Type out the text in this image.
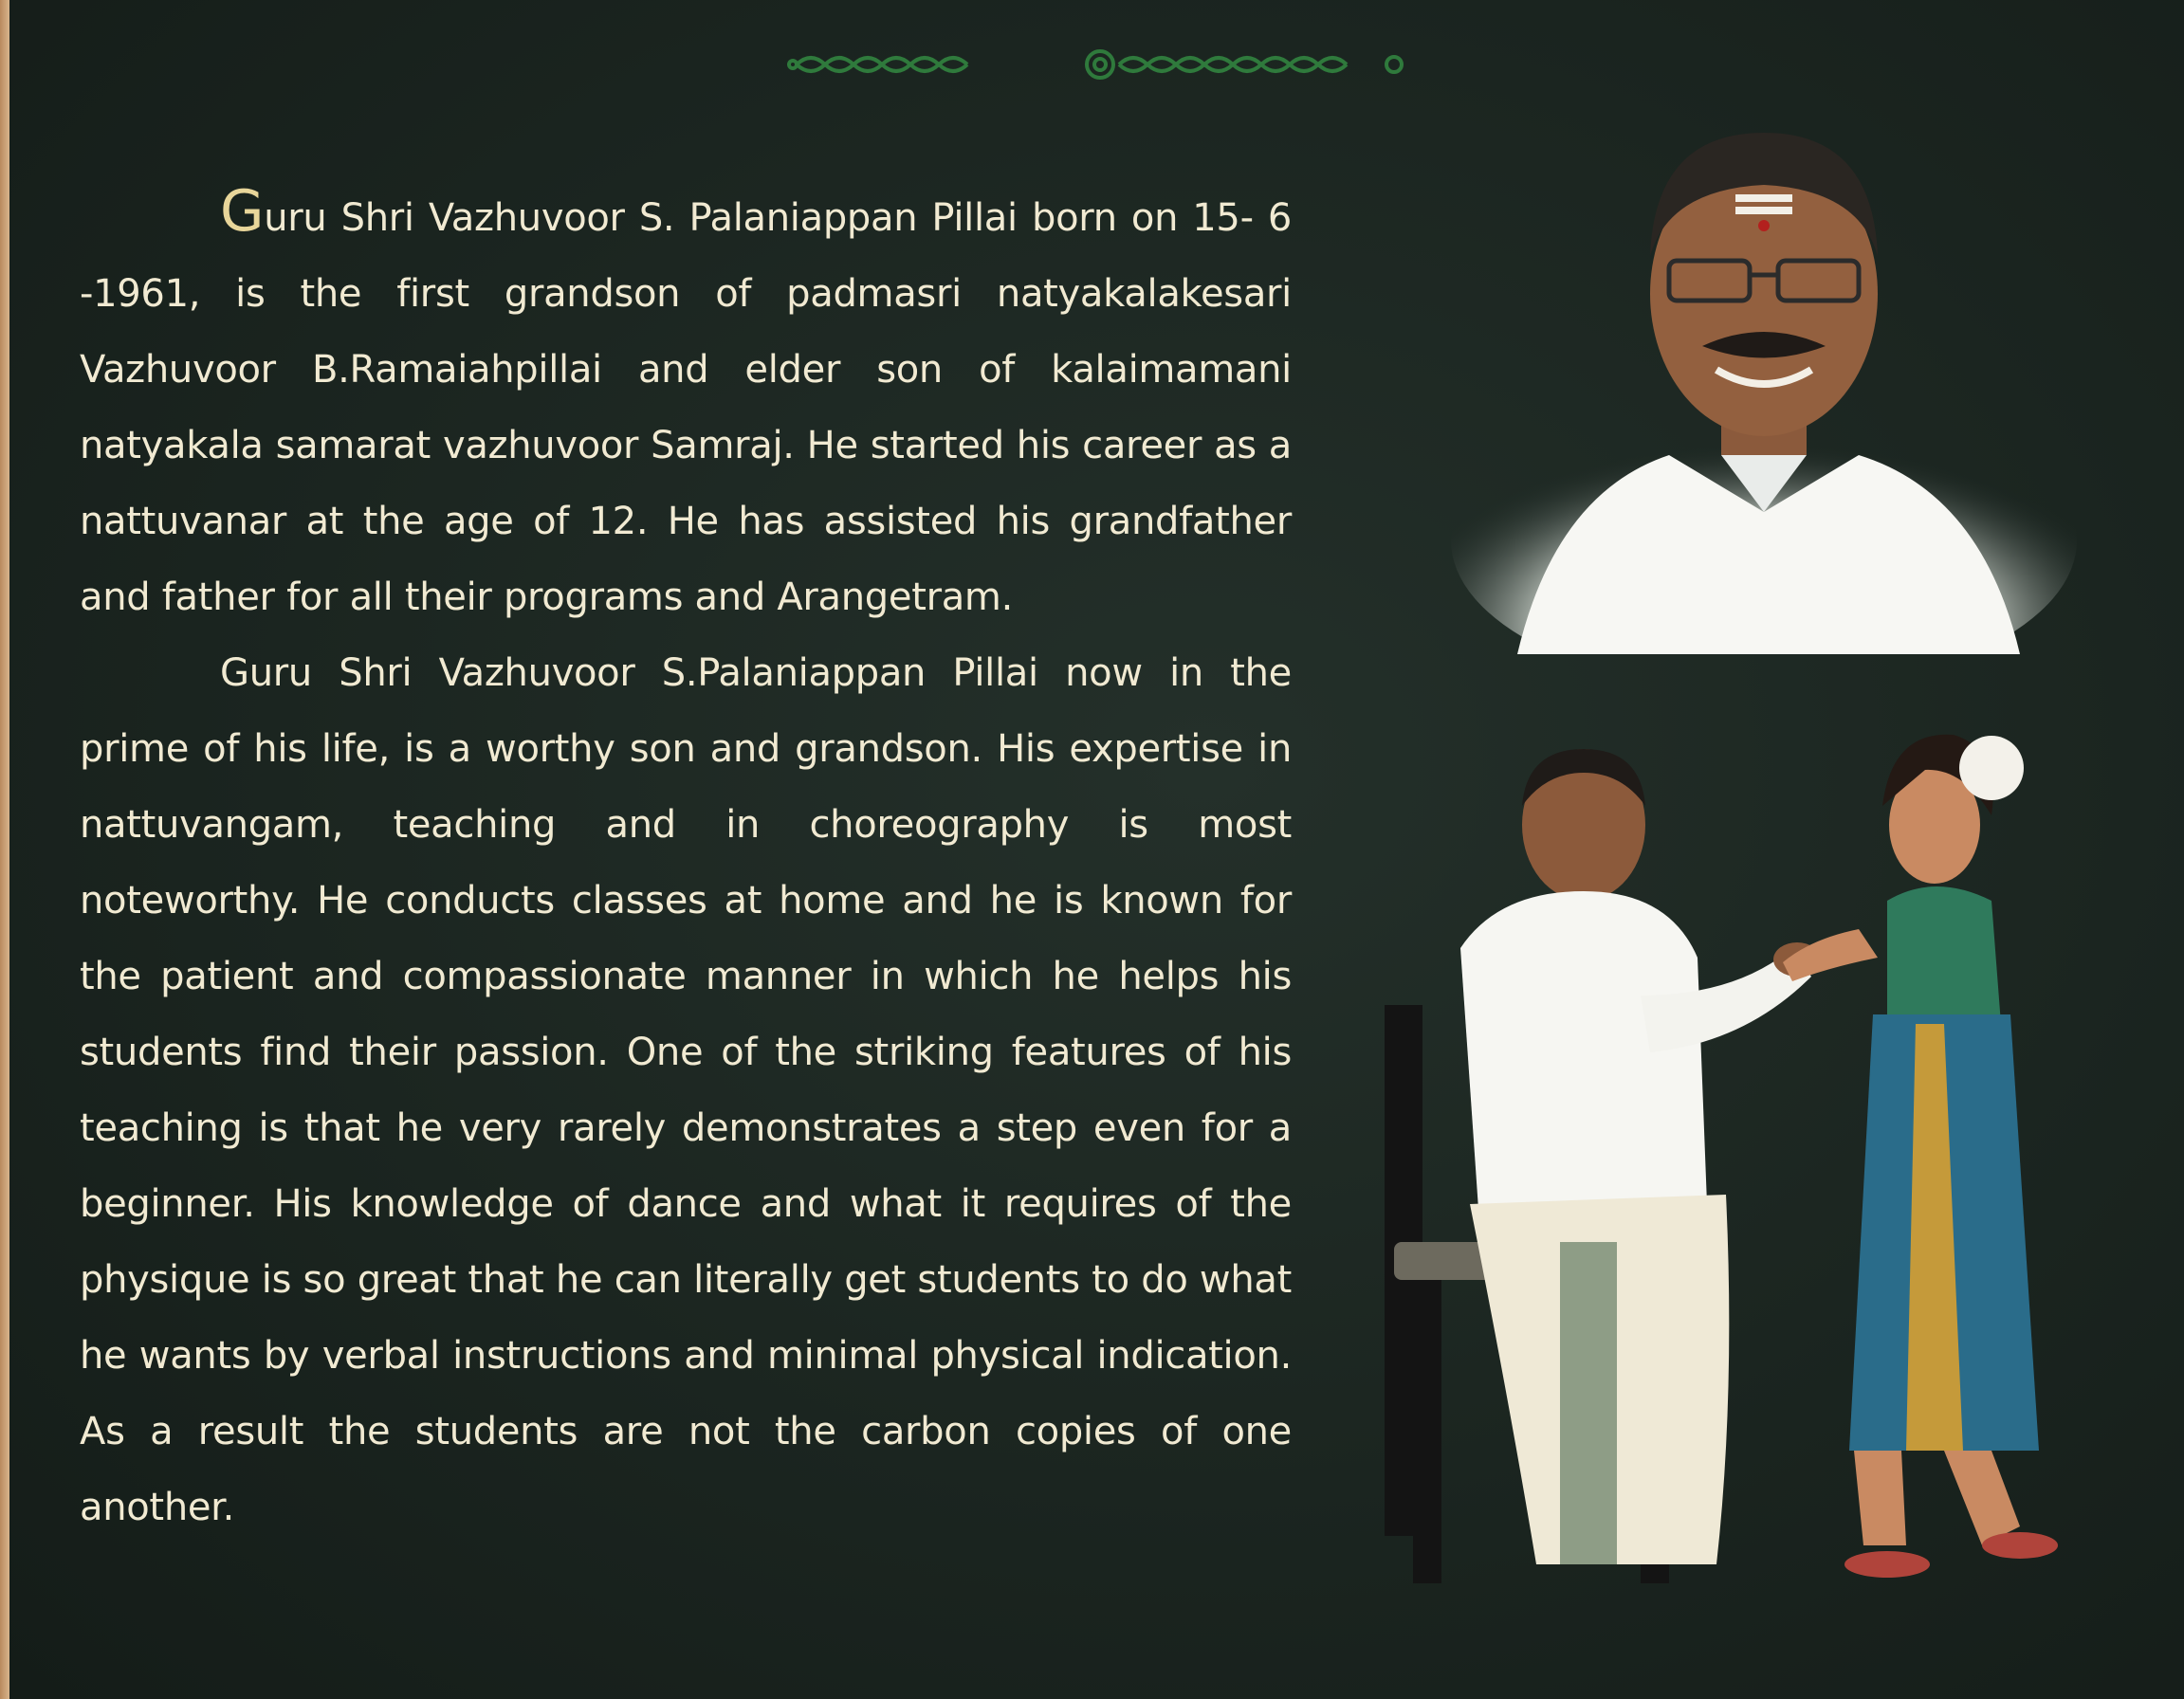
Guru Shri Vazhuvoor S. Palaniappan Pillai born on 15- 6 -1961, is the first grandson of padmasri natyakalakesari Vazhuvoor B.Ramaiahpillai and elder son of kalaimamani natyakala samarat vazhuvoor Samraj. He started his career as a nattuvanar at the age of 12. He has assisted his grandfather and father for all their programs and Arangetram.

Guru Shri Vazhuvoor S.Palaniappan Pillai now in the prime of his life, is a worthy son and grandson. His expertise in nattuvangam, teaching and in choreography is most noteworthy. He conducts classes at home and he is known for the patient and compassionate manner in which he helps his students find their passion. One of the striking features of his teaching is that he very rarely demonstrates a step even for a beginner. His knowledge of dance and what it requires of the physique is so great that he can literally get students to do what he wants by verbal instructions and minimal physical indication. As a result the students are not the carbon copies of one another.
